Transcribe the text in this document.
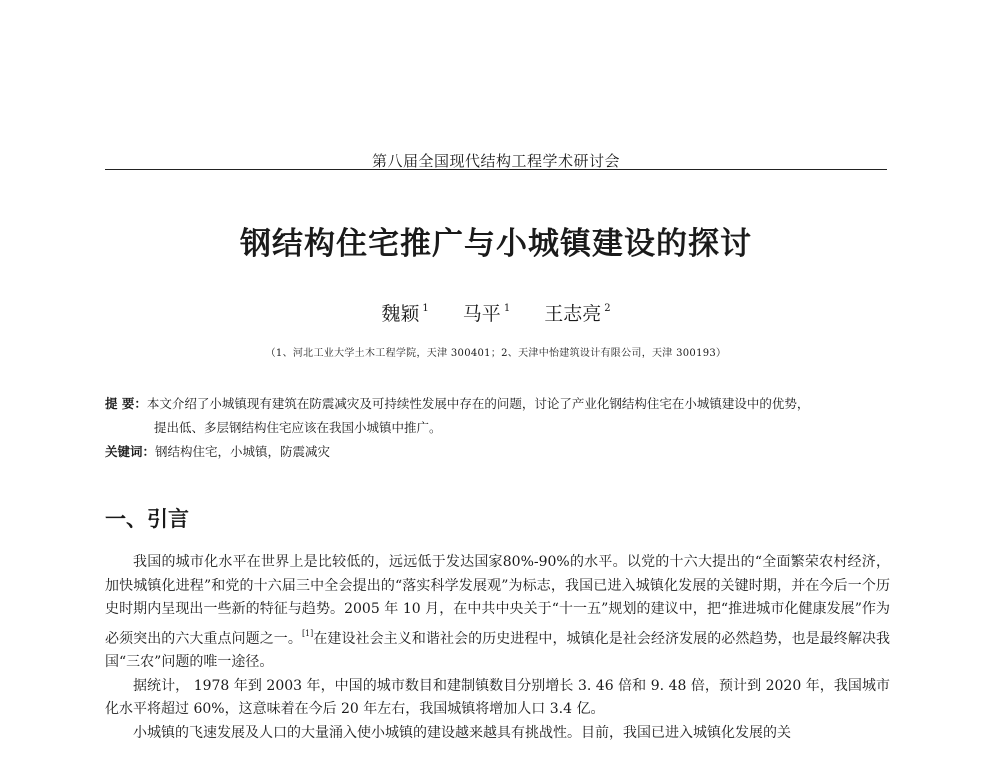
第八届全国现代结构工程学术研讨会
钢结构住宅推广与小城镇建设的探讨
魏颖 $^1$ 马平 $^1$ 王志亮 $^2$
（1、河北工业大学土木工程学院，天津 300401；2、天津中怡建筑设计有限公司，天津 300193）
提 要：本文介绍了小城镇现有建筑在防震减灾及可持续性发展中存在的问题，讨论了产业化钢结构住宅在小城镇建设中的优势，
提出低、多层钢结构住宅应该在我国小城镇中推广。
关键词：钢结构住宅，小城镇，防震减灾
一、引言

我国的城市化水平在世界上是比较低的，远远低于发达国家80%-90%的水平。以党的十六大提出的“全面繁荣农村经济，加快城镇化进程”和党的十六届三中全会提出的“落实科学发展观”为标志，我国已进入城镇化发展的关键时期，并在今后一个历史时期内呈现出一些新的特征与趋势。2005 年 10 月，在中共中央关于“十一五”规划的建议中，把“推进城市化健康发展”作为必须突出的六大重点问题之一。[1]在建设社会主义和谐社会的历史进程中，城镇化是社会经济发展的必然趋势，也是最终解决我国“三农”问题的唯一途径。

据统计， 1978 年到 2003 年，中国的城市数目和建制镇数目分别增长 3. 46 倍和 9. 48 倍，预计到 2020 年，我国城市化水平将超过 60%，这意味着在今后 20 年左右，我国城镇将增加人口 3.4 亿。

小城镇的飞速发展及人口的大量涌入使小城镇的建设越来越具有挑战性。目前，我国已进入城镇化发展的关
